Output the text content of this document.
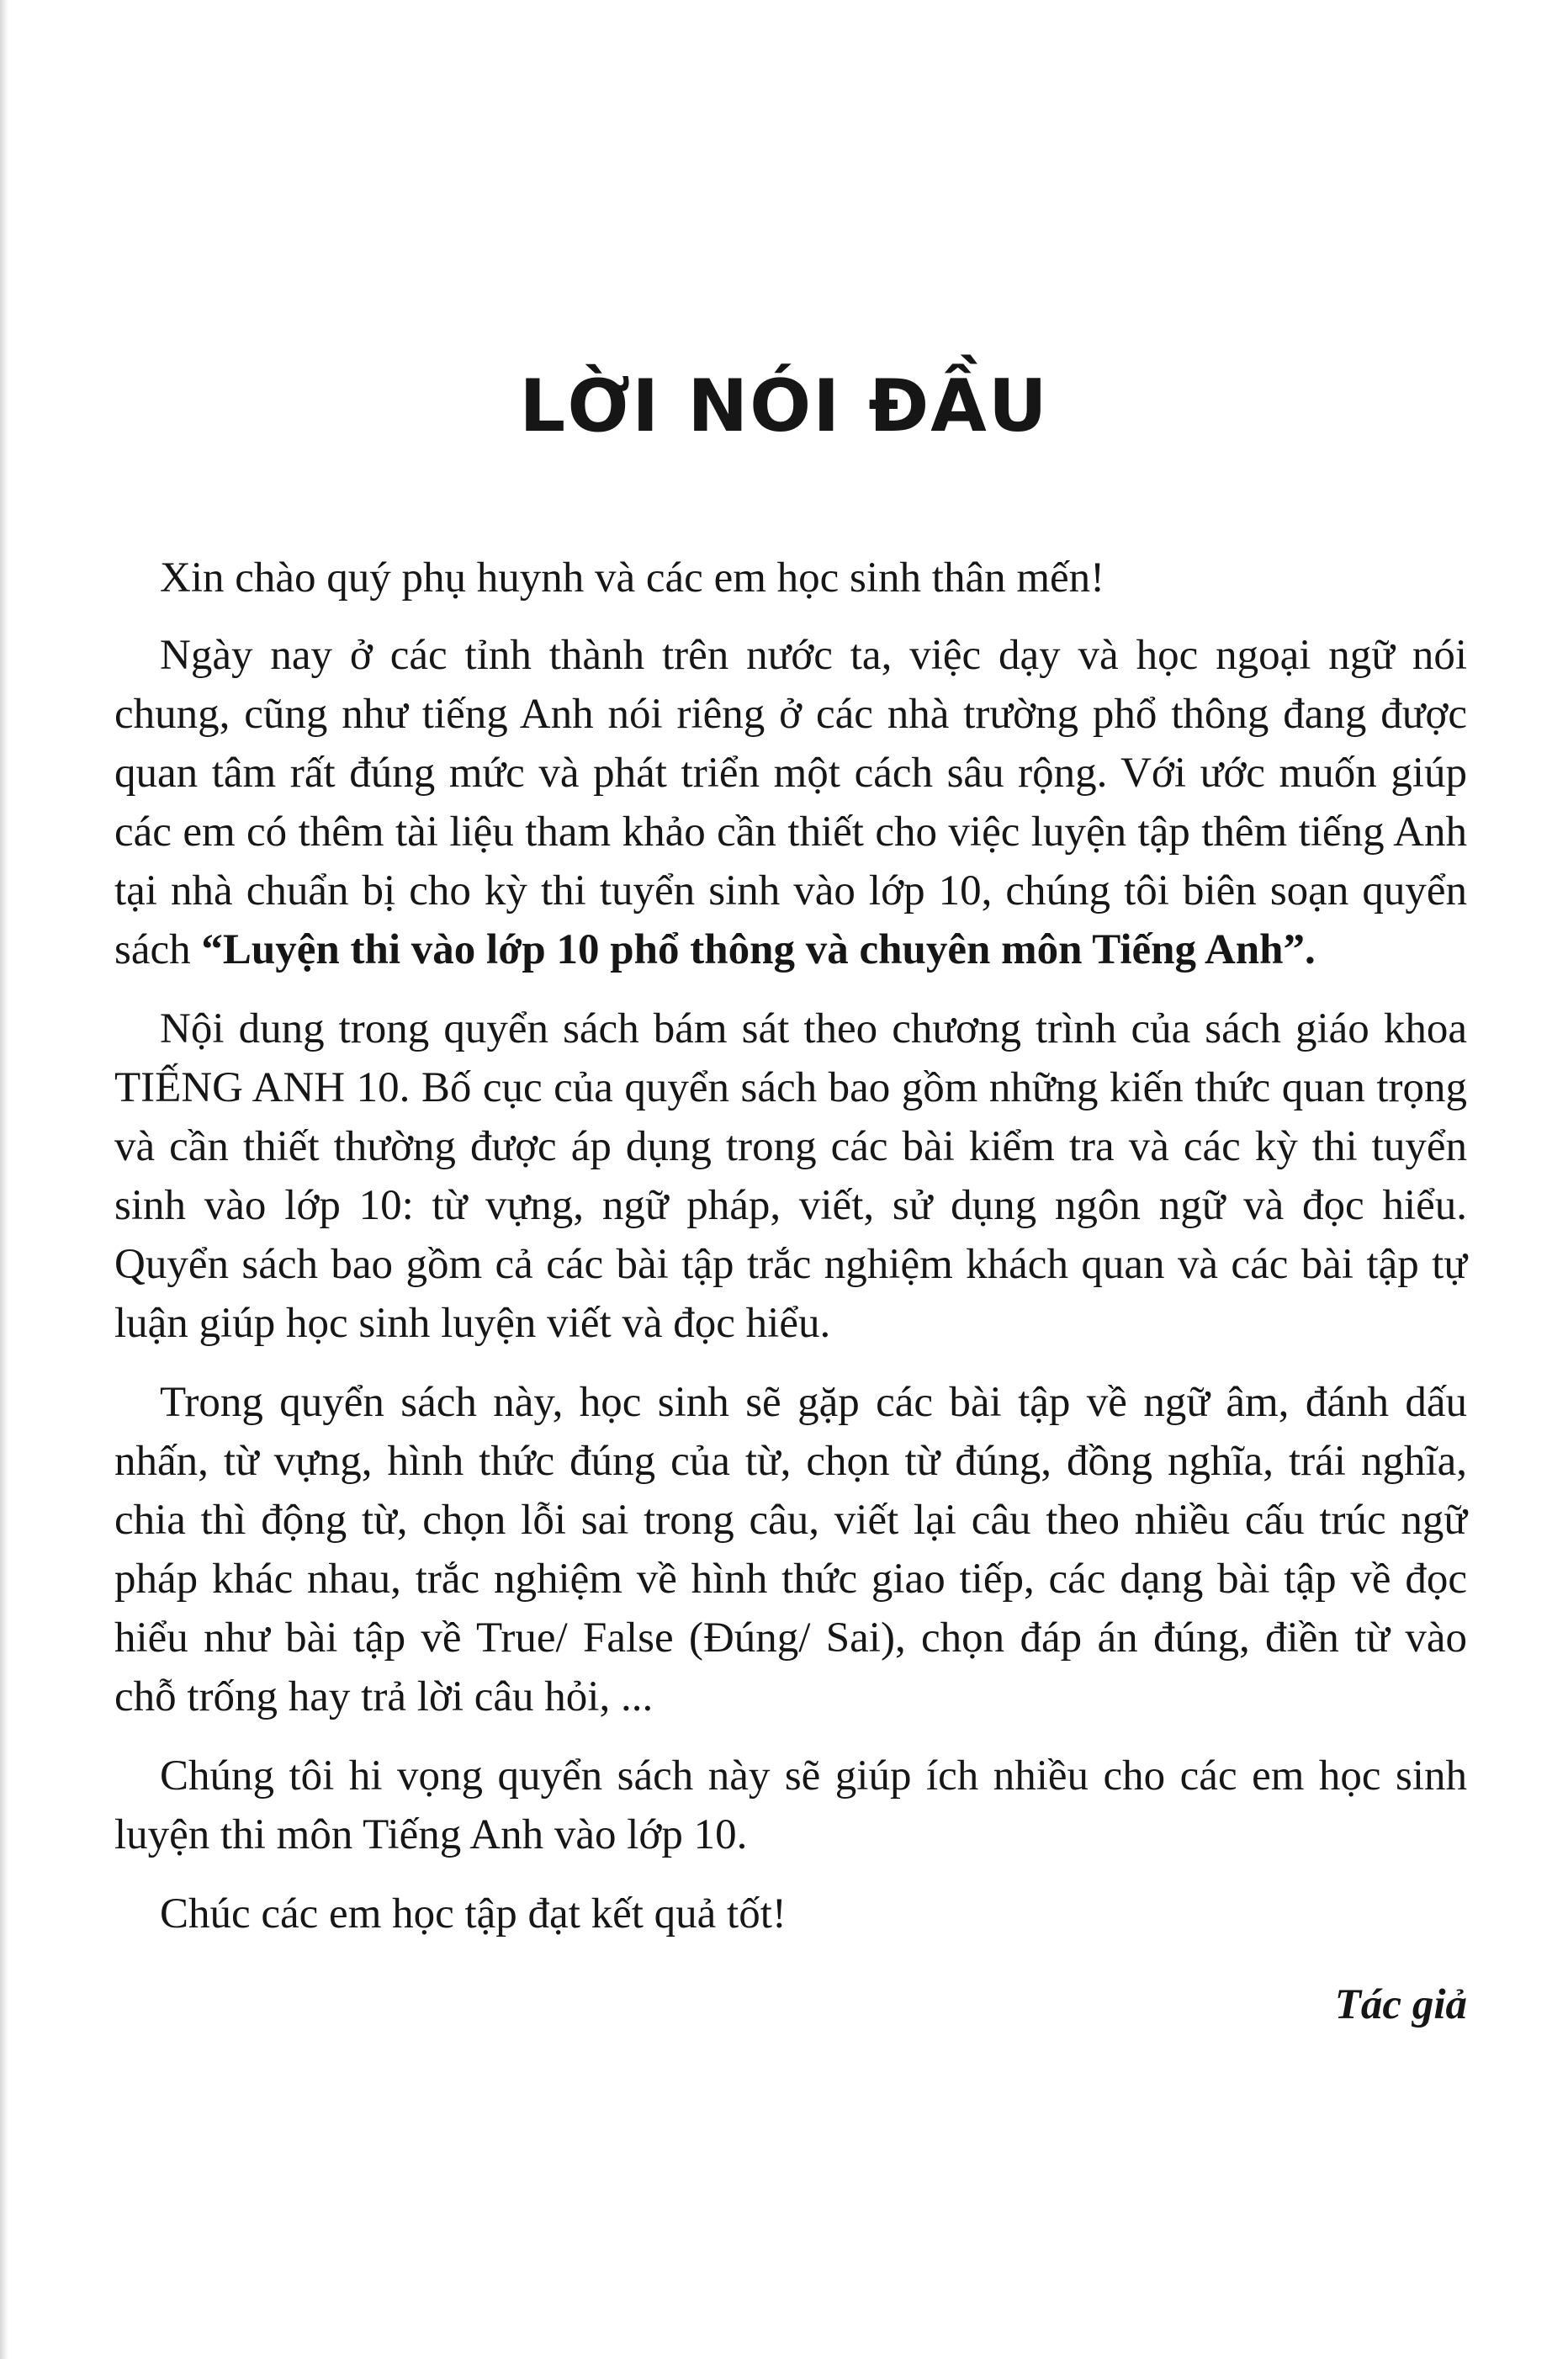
LỜI NÓI ĐẦU

Xin chào quý phụ huynh và các em học sinh thân mến!

Ngày nay ở các tỉnh thành trên nước ta, việc dạy và học ngoại ngữ nói chung, cũng như tiếng Anh nói riêng ở các nhà trường phổ thông đang được quan tâm rất đúng mức và phát triển một cách sâu rộng. Với ước muốn giúp các em có thêm tài liệu tham khảo cần thiết cho việc luyện tập thêm tiếng Anh tại nhà chuẩn bị cho kỳ thi tuyển sinh vào lớp 10, chúng tôi biên soạn quyển sách “Luyện thi vào lớp 10 phổ thông và chuyên môn Tiếng Anh”.

Nội dung trong quyển sách bám sát theo chương trình của sách giáo khoa TIẾNG ANH 10. Bố cục của quyển sách bao gồm những kiến thức quan trọng và cần thiết thường được áp dụng trong các bài kiểm tra và các kỳ thi tuyển sinh vào lớp 10: từ vựng, ngữ pháp, viết, sử dụng ngôn ngữ và đọc hiểu. Quyển sách bao gồm cả các bài tập trắc nghiệm khách quan và các bài tập tự luận giúp học sinh luyện viết và đọc hiểu.

Trong quyển sách này, học sinh sẽ gặp các bài tập về ngữ âm, đánh dấu nhấn, từ vựng, hình thức đúng của từ, chọn từ đúng, đồng nghĩa, trái nghĩa, chia thì động từ, chọn lỗi sai trong câu, viết lại câu theo nhiều cấu trúc ngữ pháp khác nhau, trắc nghiệm về hình thức giao tiếp, các dạng bài tập về đọc hiểu như bài tập về True/ False (Đúng/ Sai), chọn đáp án đúng, điền từ vào chỗ trống hay trả lời câu hỏi, ...

Chúng tôi hi vọng quyển sách này sẽ giúp ích nhiều cho các em học sinh luyện thi môn Tiếng Anh vào lớp 10.

Chúc các em học tập đạt kết quả tốt!

Tác giả
